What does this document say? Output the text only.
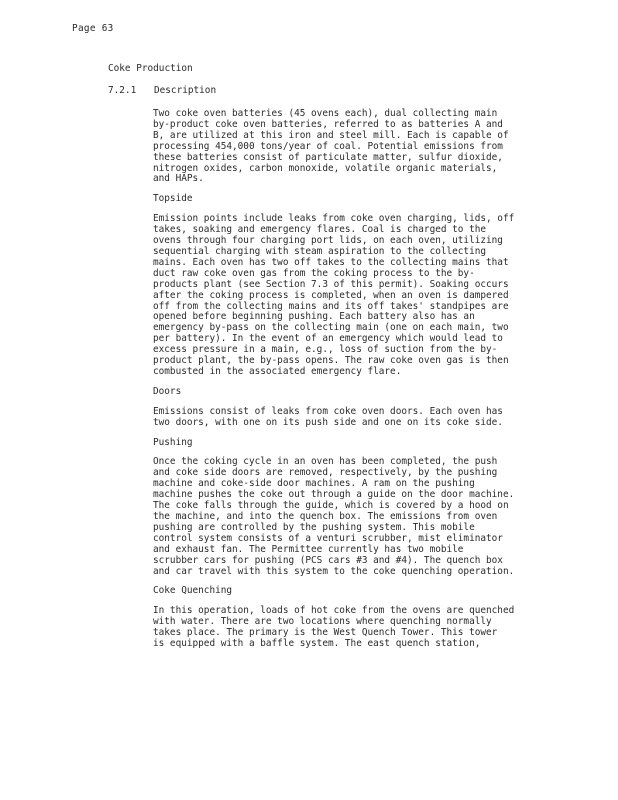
Page 63
Coke Production
7.2.1 Description

Two coke oven batteries (45 ovens each), dual collecting main
by-product coke oven batteries, referred to as batteries A and
B, are utilized at this iron and steel mill. Each is capable of
processing 454,000 tons/year of coal. Potential emissions from
these batteries consist of particulate matter, sulfur dioxide,
nitrogen oxides, carbon monoxide, volatile organic materials,
and HAPs.

Topside

Emission points include leaks from coke oven charging, lids, off
takes, soaking and emergency flares. Coal is charged to the
ovens through four charging port lids, on each oven, utilizing
sequential charging with steam aspiration to the collecting
mains. Each oven has two off takes to the collecting mains that
duct raw coke oven gas from the coking process to the by-
products plant (see Section 7.3 of this permit). Soaking occurs
after the coking process is completed, when an oven is dampered
off from the collecting mains and its off takes' standpipes are
opened before beginning pushing. Each battery also has an
emergency by-pass on the collecting main (one on each main, two
per battery). In the event of an emergency which would lead to
excess pressure in a main, e.g., loss of suction from the by-
product plant, the by-pass opens. The raw coke oven gas is then
combusted in the associated emergency flare.

Doors

Emissions consist of leaks from coke oven doors. Each oven has
two doors, with one on its push side and one on its coke side.

Pushing

Once the coking cycle in an oven has been completed, the push
and coke side doors are removed, respectively, by the pushing
machine and coke-side door machines. A ram on the pushing
machine pushes the coke out through a guide on the door machine.
The coke falls through the guide, which is covered by a hood on
the machine, and into the quench box. The emissions from oven
pushing are controlled by the pushing system. This mobile
control system consists of a venturi scrubber, mist eliminator
and exhaust fan. The Permittee currently has two mobile
scrubber cars for pushing (PCS cars #3 and #4). The quench box
and car travel with this system to the coke quenching operation.

Coke Quenching

In this operation, loads of hot coke from the ovens are quenched
with water. There are two locations where quenching normally
takes place. The primary is the West Quench Tower. This tower
is equipped with a baffle system. The east quench station,
